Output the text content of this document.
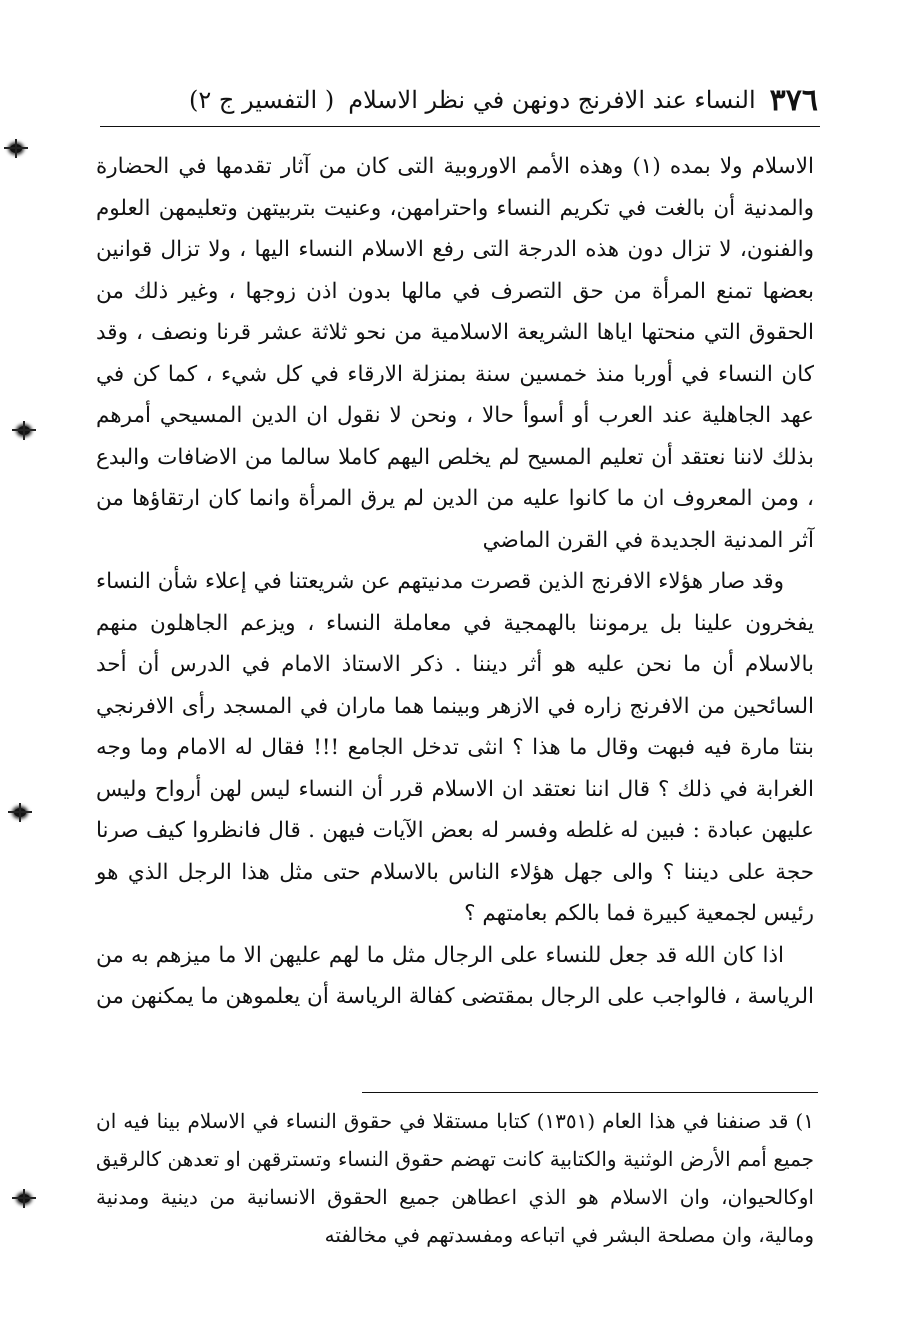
٣٧٦
النساء عند الافرنج دونهن في نظر الاسلام
( التفسير ج ٢)

الاسلام ولا بمده (١) وهذه الأمم الاوروبية التى كان من آثار تقدمها في الحضارة والمدنية أن بالغت في تكريم النساء واحترامهن، وعنيت بتربيتهن وتعليمهن العلوم والفنون، لا تزال دون هذه الدرجة التى رفع الاسلام النساء اليها ، ولا تزال قوانين بعضها تمنع المرأة من حق التصرف في مالها بدون اذن زوجها ، وغير ذلك من الحقوق التي منحتها اياها الشريعة الاسلامية من نحو ثلاثة عشر قرنا ونصف ، وقد كان النساء في أوربا منذ خمسين سنة بمنزلة الارقاء في كل شيء ، كما كن في عهد الجاهلية عند العرب أو أسوأ حالا ، ونحن لا نقول ان الدين المسيحي أمرهم بذلك لاننا نعتقد أن تعليم المسيح لم يخلص اليهم كاملا سالما من الاضافات والبدع ، ومن المعروف ان ما كانوا عليه من الدين لم يرق المرأة وانما كان ارتقاؤها من آثر المدنية الجديدة في القرن الماضي

وقد صار هؤلاء الافرنج الذين قصرت مدنيتهم عن شريعتنا في إعلاء شأن النساء يفخرون علينا بل يرموننا بالهمجية في معاملة النساء ، ويزعم الجاهلون منهم بالاسلام أن ما نحن عليه هو أثر ديننا . ذكر الاستاذ الامام في الدرس أن أحد السائحين من الافرنج زاره في الازهر وبينما هما ماران في المسجد رأى الافرنجي بنتا مارة فيه فبهت وقال ما هذا ؟ انثى تدخل الجامع !!! فقال له الامام وما وجه الغرابة في ذلك ؟ قال اننا نعتقد ان الاسلام قرر أن النساء ليس لهن أرواح وليس عليهن عبادة : فبين له غلطه وفسر له بعض الآيات فيهن . قال فانظروا كيف صرنا حجة على ديننا ؟ والى جهل هؤلاء الناس بالاسلام حتى مثل هذا الرجل الذي هو رئيس لجمعية كبيرة فما بالكم بعامتهم ؟

اذا كان الله قد جعل للنساء على الرجال مثل ما لهم عليهن الا ما ميزهم به من الرياسة ، فالواجب على الرجال بمقتضى كفالة الرياسة أن يعلموهن ما يمكنهن من

١) قد صنفنا في هذا العام (١٣٥١) كتابا مستقلا في حقوق النساء في الاسلام بينا فيه ان جميع أمم الأرض الوثنية والكتابية كانت تهضم حقوق النساء وتسترقهن او تعدهن كالرقيق اوكالحيوان، وان الاسلام هو الذي اعطاهن جميع الحقوق الانسانية من دينية ومدنية ومالية، وان مصلحة البشر في اتباعه ومفسدتهم في مخالفته
